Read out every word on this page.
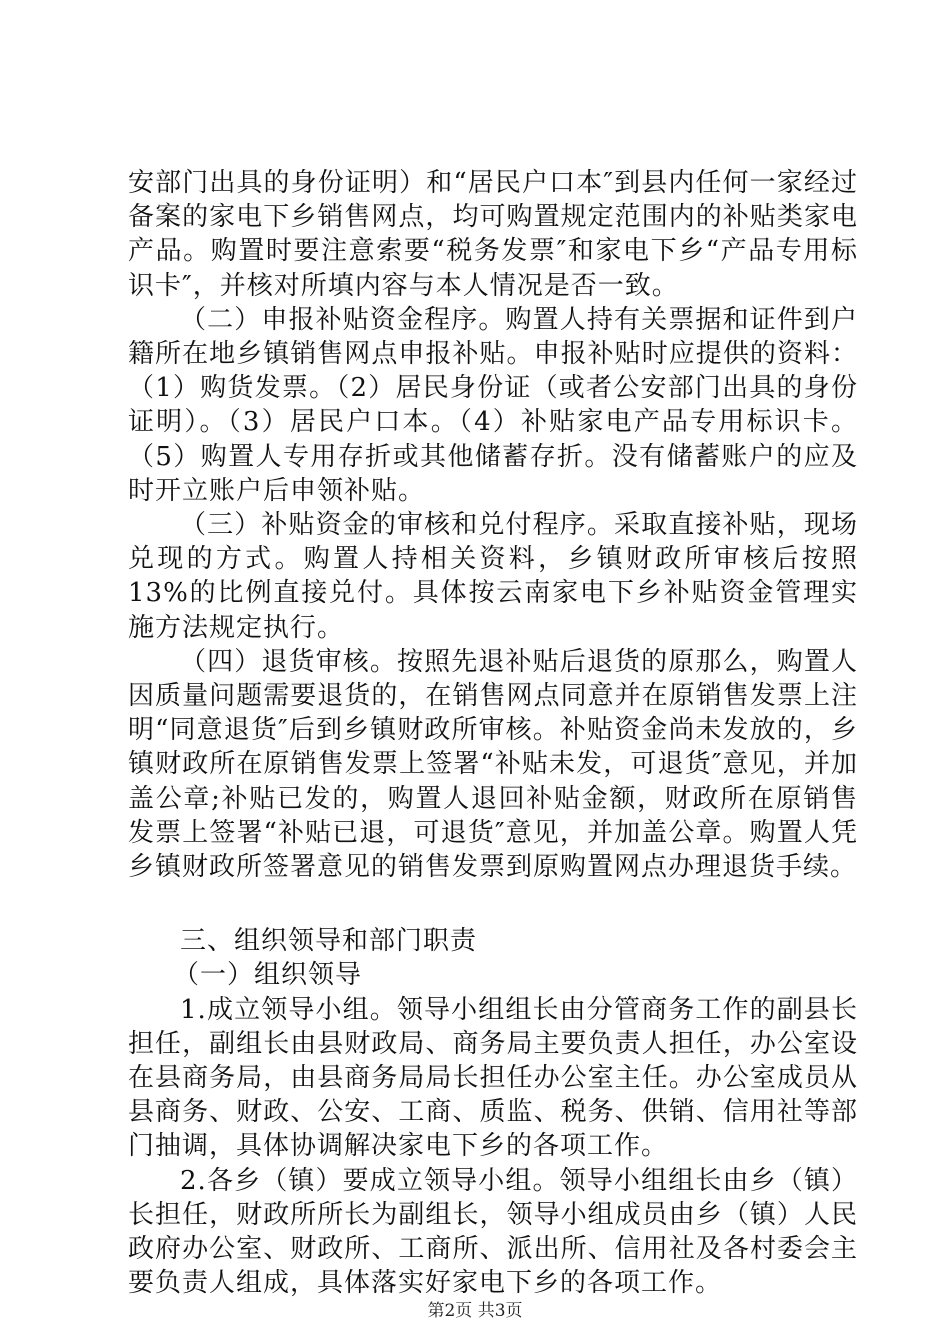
安部门出具的身份证明）和“居民户口本″到县内任何一家经过备案的家电下乡销售网点，均可购置规定范围内的补贴类家电产品。购置时要注意索要“税务发票″和家电下乡“产品专用标识卡″，并核对所填内容与本人情况是否一致。

（二）申报补贴资金程序。购置人持有关票据和证件到户籍所在地乡镇销售网点申报补贴。申报补贴时应提供的资料：（1）购货发票。（2）居民身份证（或者公安部门出具的身份证明）。（3）居民户口本。（4）补贴家电产品专用标识卡。（5）购置人专用存折或其他储蓄存折。没有储蓄账户的应及时开立账户后申领补贴。

（三）补贴资金的审核和兑付程序。采取直接补贴，现场兑现的方式。购置人持相关资料，乡镇财政所审核后按照13%的比例直接兑付。具体按云南家电下乡补贴资金管理实施方法规定执行。

（四）退货审核。按照先退补贴后退货的原那么，购置人因质量问题需要退货的，在销售网点同意并在原销售发票上注明“同意退货″后到乡镇财政所审核。补贴资金尚未发放的，乡镇财政所在原销售发票上签署“补贴未发，可退货″意见，并加盖公章;补贴已发的，购置人退回补贴金额，财政所在原销售发票上签署“补贴已退，可退货″意见，并加盖公章。购置人凭乡镇财政所签署意见的销售发票到原购置网点办理退货手续。

三、组织领导和部门职责

（一）组织领导

1.成立领导小组。领导小组组长由分管商务工作的副县长担任，副组长由县财政局、商务局主要负责人担任，办公室设在县商务局，由县商务局局长担任办公室主任。办公室成员从县商务、财政、公安、工商、质监、税务、供销、信用社等部门抽调，具体协调解决家电下乡的各项工作。

2.各乡（镇）要成立领导小组。领导小组组长由乡（镇）长担任，财政所所长为副组长，领导小组成员由乡（镇）人民政府办公室、财政所、工商所、派出所、信用社及各村委会主要负责人组成，具体落实好家电下乡的各项工作。

第2页 共3页
